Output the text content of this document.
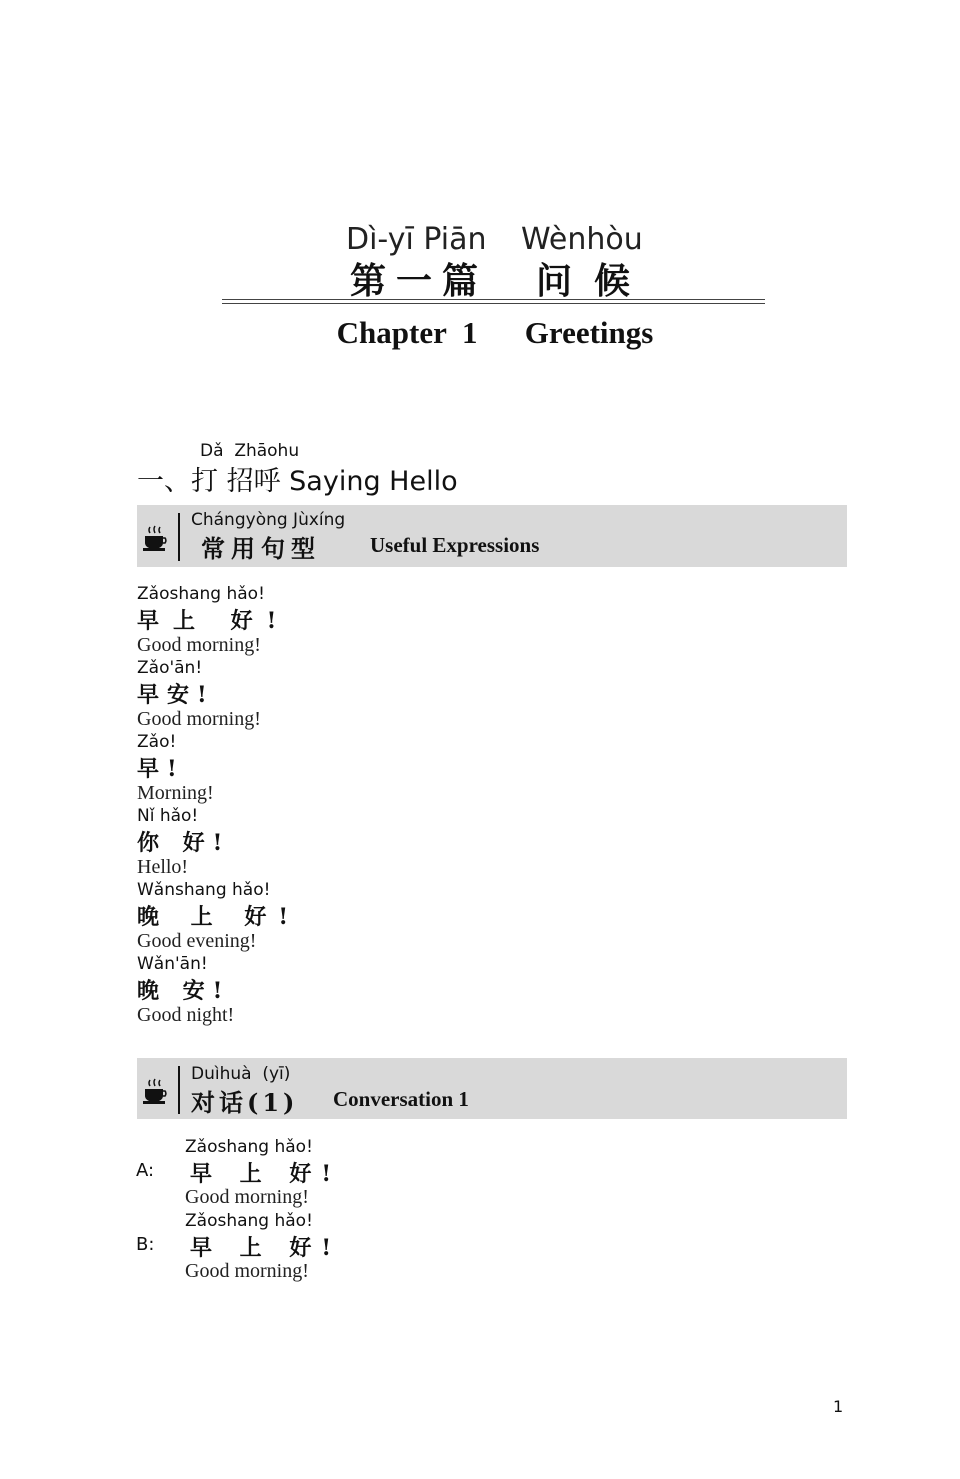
Dì-yī Piān Wènhòu
第一篇 问候
Chapter 1   Greetings
Dǎ  Zhāohu
一、打 招呼 Saying Hello
Chángyòng Jùxíng
常用句型 Useful Expressions
Zǎoshang hǎo!
早上 好!
Good morning!
Zǎo'ān!
早安!
Good morning!
Zǎo!
早!
Morning!
Nǐ hǎo!
你 好!
Hello!
Wǎnshang hǎo!
晚 上 好!
Good evening!
Wǎn'ān!
晚 安!
Good night!
Duìhuà  (yī)
对话(1) Conversation 1
Zǎoshang hǎo!
A: 早 上 好!
Good morning!
Zǎoshang hǎo!
B: 早 上 好!
Good morning!
1
